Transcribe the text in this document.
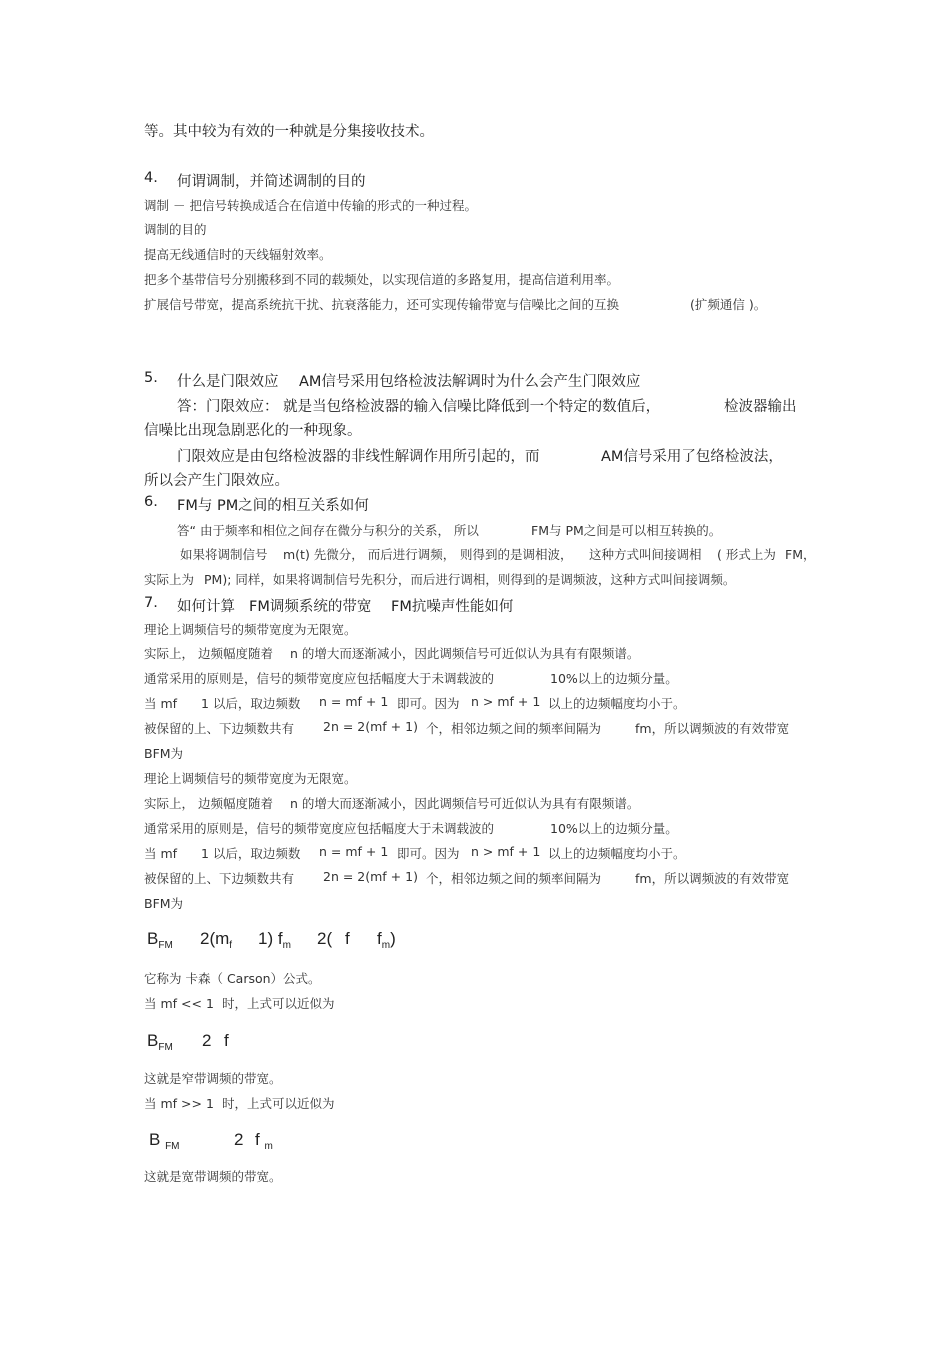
等。其中较为有效的一种就是分集接收技术。
4. 何谓调制，并简述调制的目的
调制 － 把信号转换成适合在信道中传输的形式的一种过程。
调制的目的
提高无线通信时的天线辐射效率。
把多个基带信号分别搬移到不同的载频处，以实现信道的多路复用，提高信道利用率。
扩展信号带宽，提高系统抗干扰、抗衰落能力，还可实现传输带宽与信噪比之间的互换	(扩频通信 )。
5. 什么是门限效应 AM信号采用包络检波法解调时为什么会产生门限效应
答：门限效应： 就是当包络检波器的输入信噪比降低到一个特定的数值后，	检波器输出
信噪比出现急剧恶化的一种现象。
门限效应是由包络检波器的非线性解调作用所引起的，而	AM信号采用了包络检波法，
所以会产生门限效应。
6. FM与 PM之间的相互关系如何
答“ 由于频率和相位之间存在微分与积分的关系， 所以	FM与 PM之间是可以相互转换的。
如果将调制信号 m(t) 先微分， 而后进行调频， 则得到的是调相波， 这种方式叫间接调相 ( 形式上为 FM，
实际上为 PM); 同样，如果将调制信号先积分，而后进行调相，则得到的是调频波，这种方式叫间接调频。
7. 如何计算 FM调频系统的带宽 FM抗噪声性能如何
理论上调频信号的频带宽度为无限宽。
实际上， 边频幅度随着 n 的增大而逐渐减小，因此调频信号可近似认为具有有限频谱。
通常采用的原则是，信号的频带宽度应包括幅度大于未调载波的	10%以上的边频分量。
当 mf 1 以后，取边频数 n = mf + 1 即可。因为 n > mf + 1 以上的边频幅度均小于。
被保留的上、下边频数共有 2n = 2(mf + 1) 个，相邻边频之间的频率间隔为	fm，所以调频波的有效带宽
BFM为
理论上调频信号的频带宽度为无限宽。
实际上， 边频幅度随着 n 的增大而逐渐减小，因此调频信号可近似认为具有有限频谱。
通常采用的原则是，信号的频带宽度应包括幅度大于未调载波的	10%以上的边频分量。
当 mf 1 以后，取边频数 n = mf + 1 即可。因为 n > mf + 1 以上的边频幅度均小于。
被保留的上、下边频数共有 2n = 2(mf + 1) 个，相邻边频之间的频率间隔为	fm，所以调频波的有效带宽
BFM为
$B_{FM}$ $2(m_f$ 1) $f_m$ 2( f $f_m$)
它称为 卡森（ Carson）公式。
当 mf << 1 时，上式可以近似为
$B_{FM}$ 2 f
这就是窄带调频的带宽。
当 mf >> 1 时，上式可以近似为
B $_{FM}$	2 f $_m$
这就是宽带调频的带宽。
